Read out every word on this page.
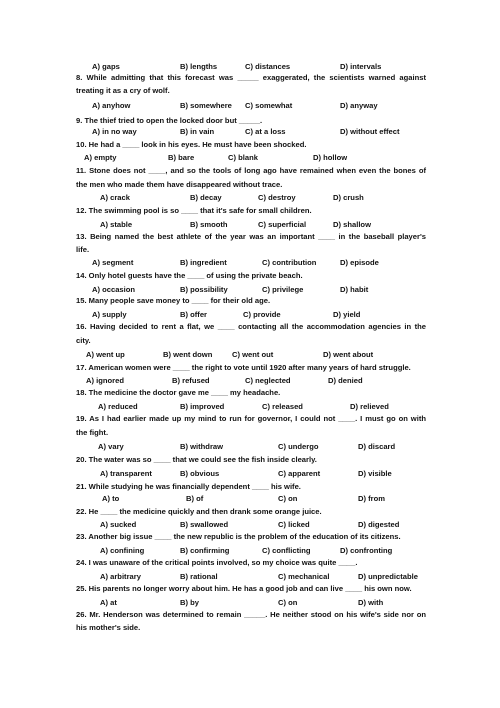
A) gaps	B) lengths	C) distances	D) intervals
8. While admitting that this forecast was _____ exaggerated, the scientists warned against
treating it as a cry of wolf.
A) anyhow	B) somewhere C) somewhat	D) anyway
9. The thief tried to open the locked door but _____.
A) in no way	B) in vain	C) at a loss	D) without effect
10. He had a ____ look in his eyes. He must have been shocked.
A) empty	B) bare	C) blank	D) hollow
11. Stone does not ____, and so the tools of long ago have remained when even the bones of
the men who made them have disappeared without trace.
A) crack	B) decay	C) destroy	D) crush
12. The swimming pool is so ____ that it's safe for small children.
A) stable	B) smooth	C) superficial	D) shallow
13. Being named the best athlete of the year was an important ____ in the baseball player's
life.
A) segment	B) ingredient	C) contribution	D) episode
14. Only hotel guests have the ____ of using the private beach.
A) occasion	B) possibility	C) privilege	D) habit
15. Many people save money to ____ for their old age.
A) supply	B) offer	C) provide	D) yield
16. Having decided to rent a flat, we ____ contacting all the accommodation agencies in the
city.
A) went up	B) went down	C) went out	D) went about
17. American women were ____ the right to vote until 1920 after many years of hard struggle.
A) ignored	B) refused	C) neglected	D) denied
18. The medicine the doctor gave me ____ my headache.
A) reduced	B) improved	C) released	D) relieved
19. As I had earlier made up my mind to run for governor, I could not ____. I must go on with
the fight.
A) vary	B) withdraw	C) undergo	D) discard
20. The water was so ____ that we could see the fish inside clearly.
A) transparent	B) obvious	C) apparent	D) visible
21. While studying he was financially dependent ____ his wife.
A) to	B) of	C) on	D) from
22. He ____ the medicine quickly and then drank some orange juice.
A) sucked	B) swallowed	C) licked	D) digested
23. Another big issue ____ the new republic is the problem of the education of its citizens.
A) confining	B) confirming	C) conflicting	D) confronting
24. I was unaware of the critical points involved, so my choice was quite ____.
A) arbitrary	B) rational	C) mechanical	D) unpredictable
25. His parents no longer worry about him. He has a good job and can live ____ his own now.
A) at	B) by	C) on	D) with
26. Mr. Henderson was determined to remain _____. He neither stood on his wife's side nor on
his mother's side.
